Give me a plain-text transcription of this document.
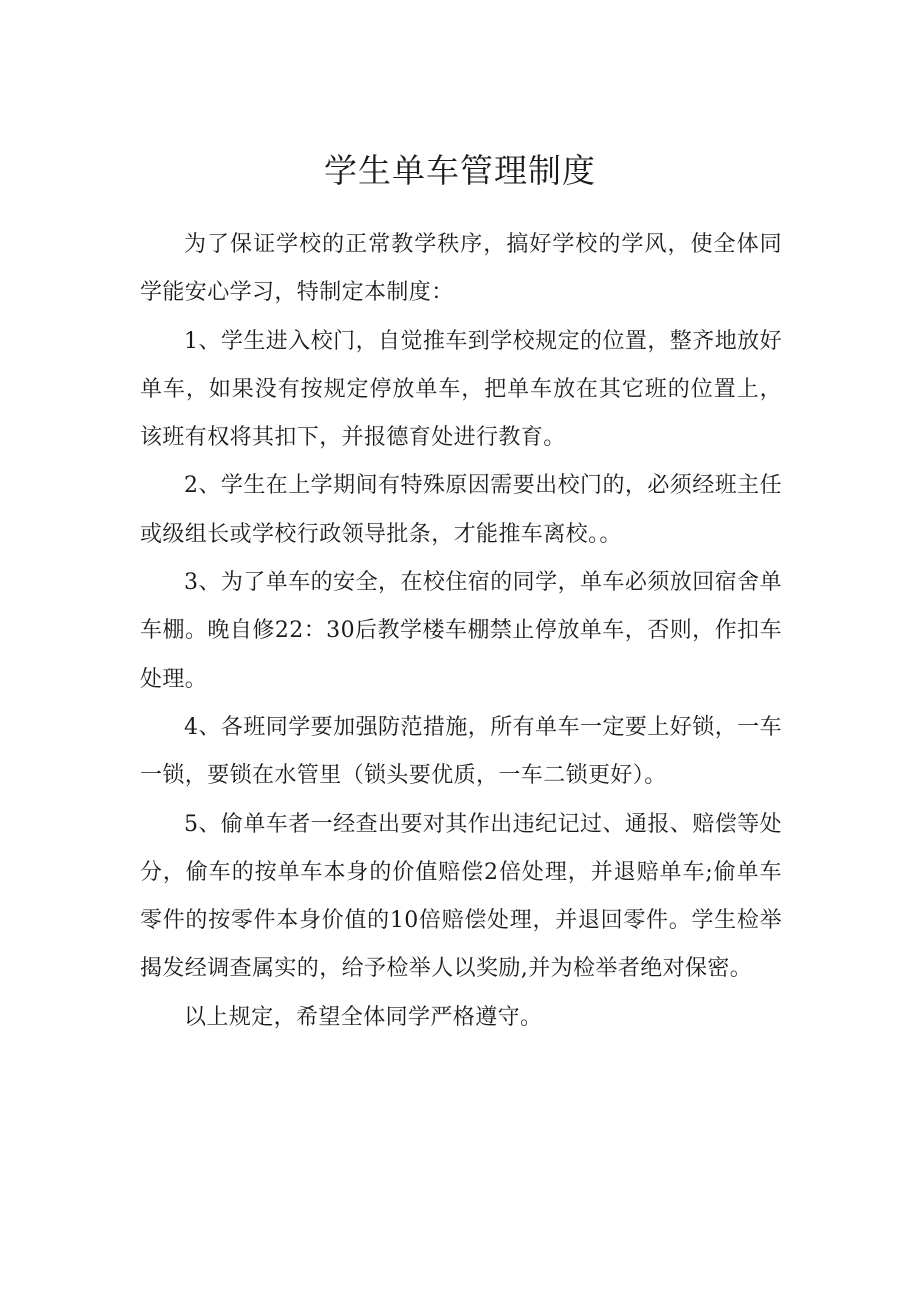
学生单车管理制度

为了保证学校的正常教学秩序，搞好学校的学风，使全体同学能安心学习，特制定本制度：

1、学生进入校门，自觉推车到学校规定的位置，整齐地放好单车，如果没有按规定停放单车，把单车放在其它班的位置上，该班有权将其扣下，并报德育处进行教育。

2、学生在上学期间有特殊原因需要出校门的，必须经班主任或级组长或学校行政领导批条，才能推车离校。。

3、为了单车的安全，在校住宿的同学，单车必须放回宿舍单车棚。晚自修22：30后教学楼车棚禁止停放单车，否则，作扣车处理。

4、各班同学要加强防范措施，所有单车一定要上好锁，一车一锁，要锁在水管里（锁头要优质，一车二锁更好）。

5、偷单车者一经查出要对其作出违纪记过、通报、赔偿等处分，偷车的按单车本身的价值赔偿2倍处理，并退赔单车;偷单车零件的按零件本身价值的10倍赔偿处理，并退回零件。学生检举揭发经调查属实的，给予检举人以奖励,并为检举者绝对保密。

以上规定，希望全体同学严格遵守。
